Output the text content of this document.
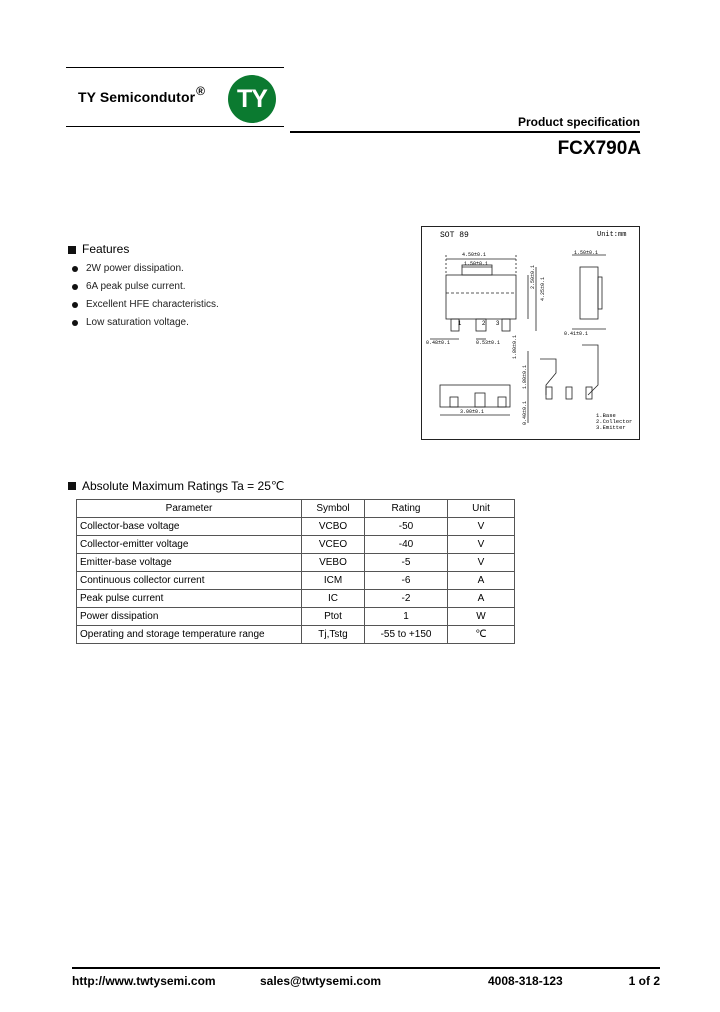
TY Semicondutor®	TY
Product specification
FCX790A
Features
2W power dissipation.
6A peak pulse current.
Excellent HFE characteristics.
Low saturation voltage.
4.50±0.1
1.50±0.1
1.50±0.1
0.48±0.1	0.53±0.1
0.41±0.1
2.50±0.1 4.25±0.1
1.80±0.1
0.40±0.1
3.00±0.1
1.80±0.1
1	2 3
1.Base
2.Collector
3.Emitter
SOT 89	Unit:mm
Absolute Maximum Ratings Ta = 25℃
Parameter	Symbol	Rating	Unit
Collector-base voltage	VCBO	-50	V
Collector-emitter voltage	VCEO	-40	V
Emitter-base voltage	VEBO	-5	V
Continuous collector current	ICM	-6	A
Peak pulse current	IC	-2	A
Power dissipation	Ptot	1	W
Operating and storage temperature range	Tj,Tstg	-55 to +150	℃
http://www.twtysemi.com	sales@twtysemi.com	4008-318-123	1 of 2
